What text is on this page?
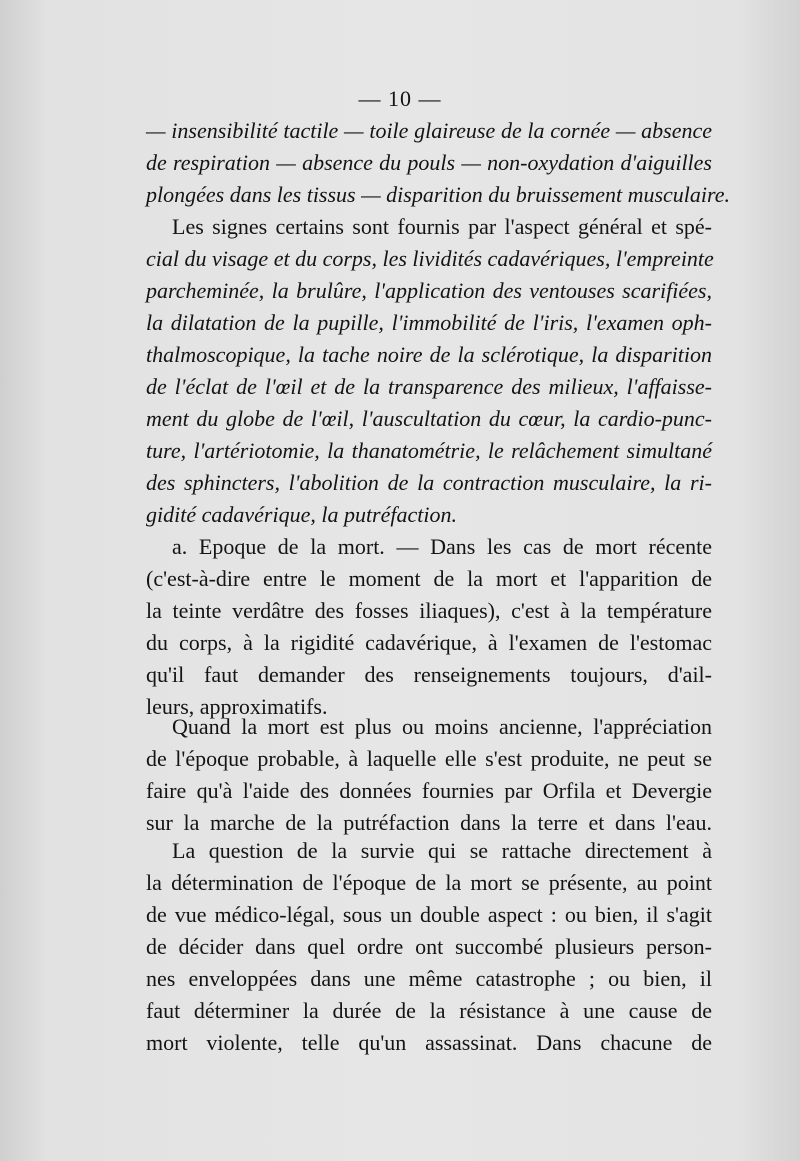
— 10 —
— insensibilité tactile — toile glaireuse de la cornée — absence
de respiration — absence du pouls — non-oxydation d'aiguilles
plongées dans les tissus — disparition du bruissement musculaire.
Les signes certains sont fournis par l'aspect général et spé-
cial du visage et du corps, les lividités cadavériques, l'empreinte
parcheminée, la brulûre, l'application des ventouses scarifiées,
la dilatation de la pupille, l'immobilité de l'iris, l'examen oph-
thalmoscopique, la tache noire de la sclérotique, la disparition
de l'éclat de l'œil et de la transparence des milieux, l'affaisse-
ment du globe de l'œil, l'auscultation du cœur, la cardio-punc-
ture, l'artériotomie, la thanatométrie, le relâchement simultané
des sphincters, l'abolition de la contraction musculaire, la ri-
gidité cadavérique, la putréfaction.
a. Epoque de la mort. — Dans les cas de mort récente
(c'est-à-dire entre le moment de la mort et l'apparition de
la teinte verdâtre des fosses iliaques), c'est à la température
du corps, à la rigidité cadavérique, à l'examen de l'estomac
qu'il faut demander des renseignements toujours, d'ail-
leurs, approximatifs.
Quand la mort est plus ou moins ancienne, l'appréciation
de l'époque probable, à laquelle elle s'est produite, ne peut se
faire qu'à l'aide des données fournies par Orfila et Devergie
sur la marche de la putréfaction dans la terre et dans l'eau.
La question de la survie qui se rattache directement à
la détermination de l'époque de la mort se présente, au point
de vue médico-légal, sous un double aspect : ou bien, il s'agit
de décider dans quel ordre ont succombé plusieurs person-
nes enveloppées dans une même catastrophe ; ou bien, il
faut déterminer la durée de la résistance à une cause de
mort violente, telle qu'un assassinat. Dans chacune de
